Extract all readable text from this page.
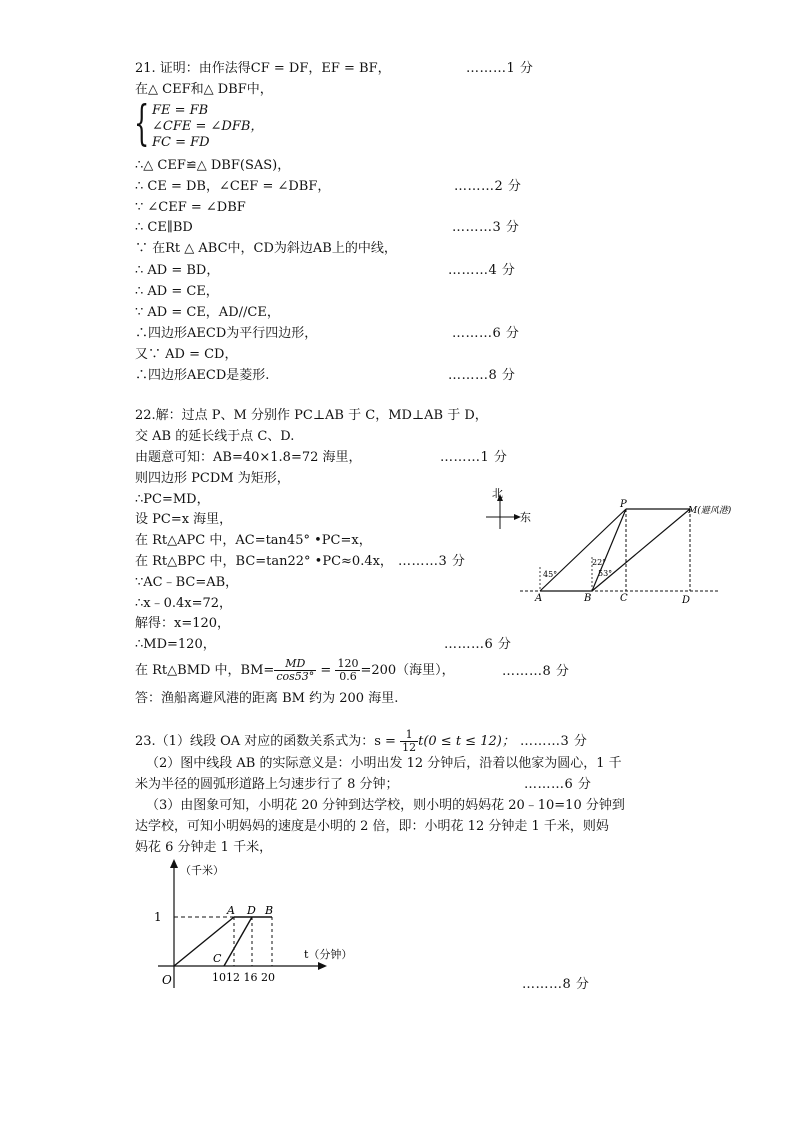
21. 证明：由作法得CF = DF，EF = BF，	………1 分
在△ CEF和△ DBF中，
{ FE = FB
∠CFE = ∠DFB，
FC = FD
∴△ CEF≌△ DBF(SAS)，
∴ CE = DB，∠CEF = ∠DBF，	………2 分
∵ ∠CEF = ∠DBF
∴ CE∥BD	………3 分
∵ 在Rt △ ABC中，CD为斜边AB上的中线，
∴ AD = BD，	………4 分
∴ AD = CE，
∵ AD = CE，AD//CE，
∴四边形AECD为平行四边形，	………6 分
又∵ AD = CD，
∴四边形AECD是菱形.	………8 分
22.解：过点 P、M 分别作 PC⊥AB 于 C，MD⊥AB 于 D，
交 AB 的延长线于点 C、D.
由题意可知：AB=40×1.8=72 海里，	………1 分
则四边形 PCDM 为矩形，
∴PC=MD，
设 PC=x 海里，
在 Rt△APC 中，AC=tan45° •PC=x，
在 Rt△BPC 中，BC=tan22° •PC≈0.4x， ………3 分
∵AC﹣BC=AB，
∴x﹣0.4x=72，
解得：x=120，
∴MD=120，	………6 分
在 Rt△BMD 中，$BM= \frac{MD}{\cos 53^\circ} = \frac{120}{0.6} =200$（海里），	………8 分
答：渔船离避风港的距离 BM 约为 200 海里.
北
东
P
M(避风港)
A	B	C	D
45°
22°
53°
23.（1）线段 OA 对应的函数关系式为：$s = \frac{1}{12} t(0 \le t \le 12)$； ………3 分
（2）图中线段 AB 的实际意义是：小明出发 12 分钟后，沿着以他家为圆心，1 千
米为半径的圆弧形道路上匀速步行了 8 分钟；	………6 分
（3）由图象可知，小明花 20 分钟到达学校，则小明的妈妈花 20﹣10=10 分钟到
达学校，可知小明妈妈的速度是小明的 2 倍，即：小明花 12 分钟走 1 千米，则妈
妈花 6 分钟走 1 千米，
（千米）
t（分钟）
1
O
A D B
C
1012 16 20	………8 分
